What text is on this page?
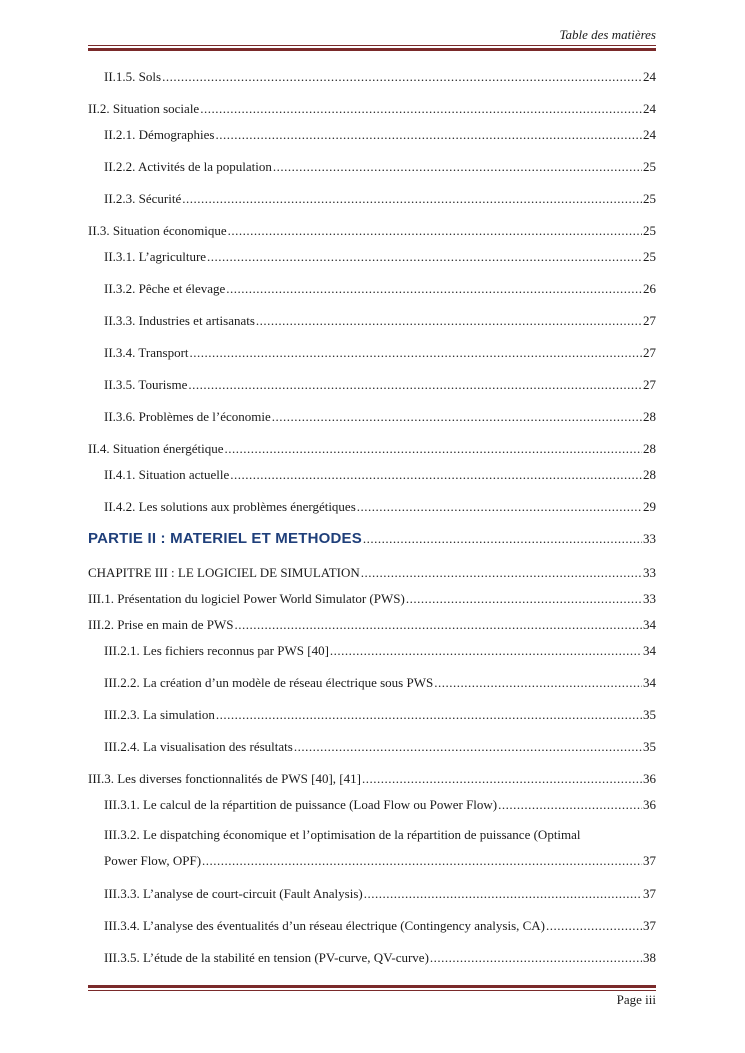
Table des matières
II.1.5. Sols .....	24
II.2. Situation sociale .....	24
II.2.1. Démographies .....	24
II.2.2. Activités de la population .....	25
II.2.3. Sécurité .....	25
II.3. Situation économique .....	25
II.3.1. L’agriculture .....	25
II.3.2. Pêche et élevage .....	26
II.3.3. Industries et artisanats .....	27
II.3.4. Transport .....	27
II.3.5. Tourisme .....	27
II.3.6. Problèmes de l’économie .....	28
II.4. Situation énergétique .....	28
II.4.1. Situation actuelle .....	28
II.4.2. Les solutions aux problèmes énergétiques .....	29
PARTIE II : MATERIEL ET METHODES .....	33
CHAPITRE III : LE LOGICIEL DE SIMULATION .....	33
III.1. Présentation du logiciel Power World Simulator (PWS) .....	33
III.2. Prise en main de PWS .....	34
III.2.1. Les fichiers reconnus par PWS [40] .....	34
III.2.2. La création d’un modèle de réseau électrique sous PWS .....	34
III.2.3. La simulation .....	35
III.2.4. La visualisation des résultats .....	35
III.3. Les diverses fonctionnalités de PWS [40], [41] .....	36
III.3.1. Le calcul de la répartition de puissance (Load Flow ou Power Flow) .....	36
III.3.2. Le dispatching économique et l’optimisation de la répartition de puissance (Optimal
Power Flow, OPF) .....	37
III.3.3. L’analyse de court-circuit (Fault Analysis) .....	37
III.3.4. L’analyse des éventualités d’un réseau électrique (Contingency analysis, CA) .....	37
III.3.5. L’étude de la stabilité en tension (PV-curve, QV-curve) .....	38
Page iii
